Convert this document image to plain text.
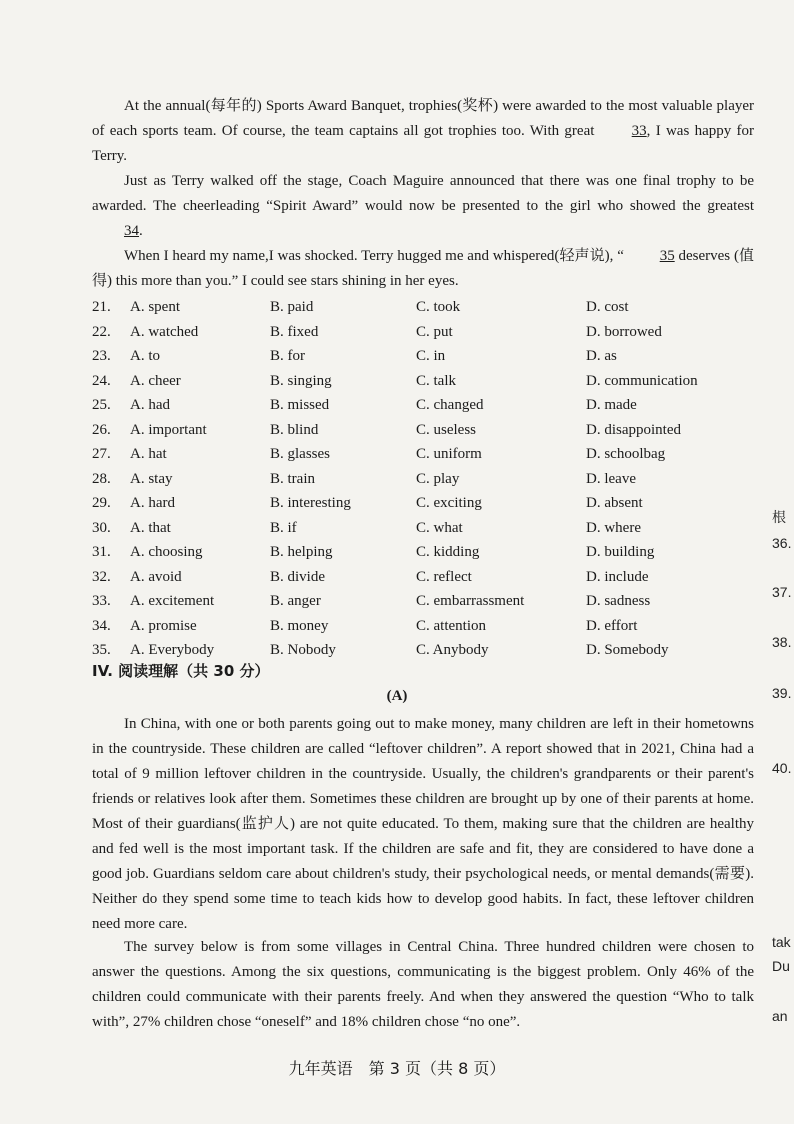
At the annual(每年的) Sports Award Banquet, trophies(奖杯) were awarded to the most valuable player of each sports team. Of course, the team captains all got trophies too. With great 33, I was happy for Terry.

Just as Terry walked off the stage, Coach Maguire announced that there was one final trophy to be awarded. The cheerleading “Spirit Award” would now be presented to the girl who showed the greatest 34.

When I heard my name,I was shocked. Terry hugged me and whispered(轻声说), “ 35 deserves (值得) this more than you.” I could see stars shining in her eyes.

21. A. spent	B. paid	C. took	D. cost
22. A. watched	B. fixed	C. put	D. borrowed
23. A. to	B. for	C. in	D. as
24. A. cheer	B. singing	C. talk	D. communication
25. A. had	B. missed	C. changed	D. made
26. A. important	B. blind	C. useless	D. disappointed
27. A. hat	B. glasses	C. uniform	D. schoolbag
28. A. stay	B. train	C. play	D. leave
29. A. hard	B. interesting	C. exciting	D. absent
30. A. that	B. if	C. what	D. where
31. A. choosing	B. helping	C. kidding	D. building
32. A. avoid	B. divide	C. reflect	D. include
33. A. excitement	B. anger	C. embarrassment	D. sadness
34. A. promise	B. money	C. attention	D. effort
35. A. Everybody	B. Nobody	C. Anybody	D. Somebody
IV. 阅读理解（共 30 分）
(A)

In China, with one or both parents going out to make money, many children are left in their hometowns in the countryside. These children are called “leftover children”. A report showed that in 2021, China had a total of 9 million leftover children in the countryside. Usually, the children's grandparents or their parent's friends or relatives look after them. Sometimes these children are brought up by one of their parents at home. Most of their guardians(监护人) are not quite educated. To them, making sure that the children are healthy and fed well is the most important task. If the children are safe and fit, they are considered to have done a good job. Guardians seldom care about children's study, their psychological needs, or mental demands(需要). Neither do they spend some time to teach kids how to develop good habits. In fact, these leftover children need more care.

The survey below is from some villages in Central China. Three hundred children were chosen to answer the questions. Among the six questions, communicating is the biggest problem. Only 46% of the children could communicate with their parents freely. And when they answered the question “Who to talk with”, 27% children chose “oneself” and 18% children chose “no one”.

根
36.
37.
38.
39.
40.
tak
Du
an
九年英语　第 3 页（共 8 页）
